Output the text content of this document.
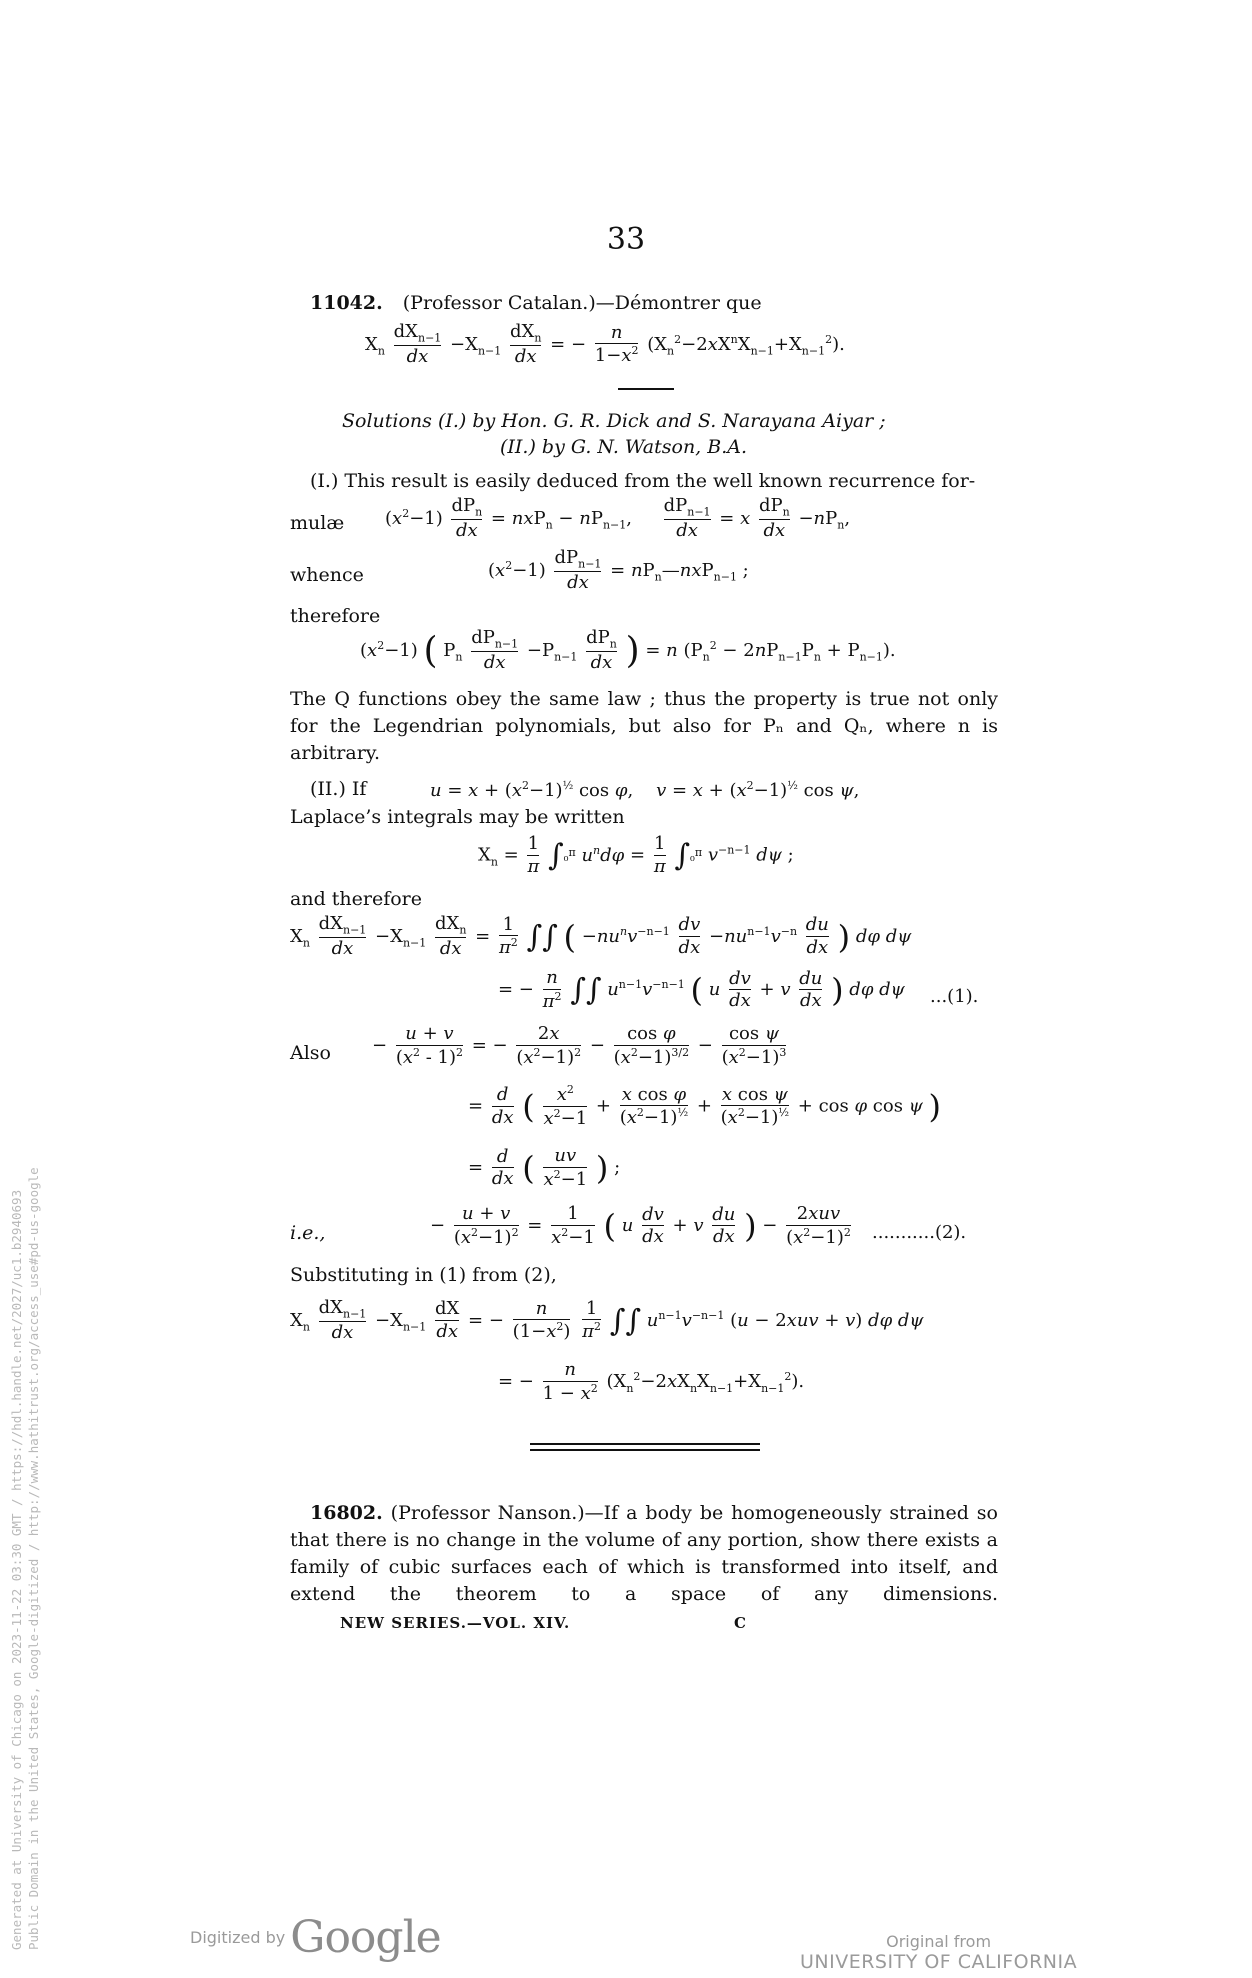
33
11042. (Professor Catalan.)—Démontrer que
$X_n \frac{dX_{n-1}}{dx} -X_{n-1} \frac{dX_n}{dx}$ = − $\frac{n}{1-x^2} (X_n^2-2xX^nX_{n-1}+X_{n-1}^2)$.
Solutions (I.) by Hon. G. R. Dick and S. Narayana Aiyar ;
(II.) by G. N. Watson, B.A.
(I.) This result is easily deduced from the well known recurrence for-
mulæ $(x^2-1) \frac{dP_n}{dx} = nxP_n - nP_{n-1}$, $\frac{dP_{n-1}}{dx} = x \frac{dP_n}{dx} -nP_n$,
whence	$(x^2-1) \frac{dP_{n-1}}{dx}$ = $nP_n—nxP_{n-1}$ ;
therefore
$(x^2-1)$ ( $P_n \frac{dP_{n-1}}{dx} -P_{n-1} \frac{dP_n}{dx}$ ) = n $(P_n^2 - 2nP_{n-1}P_n + P_{n-1})$.
The Q functions obey the same law ; thus the property is true not only for the Legendrian polynomials, but also for Pₙ and Qₙ, where n is arbitrary.
(II.) If	$u = x + (x^2-1)^{\frac{1}{2}}$ cos φ,    $v = x + (x^2-1)^{\frac{1}{2}}$ cos ψ,
Laplace’s integrals may be written
$X_n = \frac{1}{\pi} \int_0^\pi$ $u^nd\varphi = \frac{1}{\pi} \int_0^\pi$ $v^{-n-1}$ dψ ;
and therefore
$X_n \frac{dX_{n-1}}{dx} -X_{n-1} \frac{dX_n}{dx} = \frac{1}{\pi^2}$ ∫∫ ( $-nu^nv^{-n-1} \frac{dv}{dx} -nu^{n-1}v^{-n} \frac{du}{dx}$ ) dφ dψ
= − $\frac{n}{\pi^2}$ ∫∫ $u^{n-1}v^{-n-1}$ ( u $\frac{dv}{dx} + v \frac{du}{dx}$ ) dφ dψ ...(1).
Also − $\frac{u + v}{(x^2 - 1)^2}$ = − $\frac{2x}{(x^2-1)^2} - \frac{\text{cos φ}}{(x^2-1)^{3/2}} - \frac{\text{cos ψ}}{(x^2-1)^3}$
= $\frac{d}{dx}$ ( $\frac{x^2}{x^2-1} + \frac{\text{x cos φ}}{(x^2-1)^{\frac{1}{2}}} + \frac{\text{x cos ψ}}{(x^2-1)^{\frac{1}{2}}} + \cos \varphi$ cos ψ )
= $\frac{d}{dx}$ ( $\frac{uv}{x^2-1}$ ) ;
i.e.,	− $\frac{u + v}{(x^2-1)^2} = \frac{1}{x^2-1}$ ( u $\frac{dv}{dx} + v \frac{du}{dx}$ ) − $\frac{\text{2xuv}}{(x^2-1)^2} ...........(2)$.
Substituting in (1) from (2),
$X_n \frac{dX_{n-1}}{dx} -X_{n-1} \frac{dX}{dx}$ = − $\frac{n}{(1-x^2)}$
$\frac{1}{\pi^2}$ ∫∫ $u^{n-1}v^{-n-1}$ (u − 2xuv + v) dφ dψ
= − $\frac{n}{1 - x^2} (X_n^2-2xX_nX_{n-1}+X_{n-1}^2)$.
16802. (Professor Nanson.)—If a body be homogeneously strained so that there is no change in the volume of any portion, show there exists a family of cubic surfaces each of which is transformed into itself, and extend the theorem to a space of any dimensions.
NEW SERIES.—VOL. XIV.	C
Generated at University of Chicago on 2023-11-22 03:30 GMT / https://hdl.handle.net/2027/uc1.b2940693 Public Domain in the United States, Google-digitized / http://www.hathitrust.org/access_use#pd-us-google	Digitized by Google	Original from
UNIVERSITY OF CALIFORNIA
